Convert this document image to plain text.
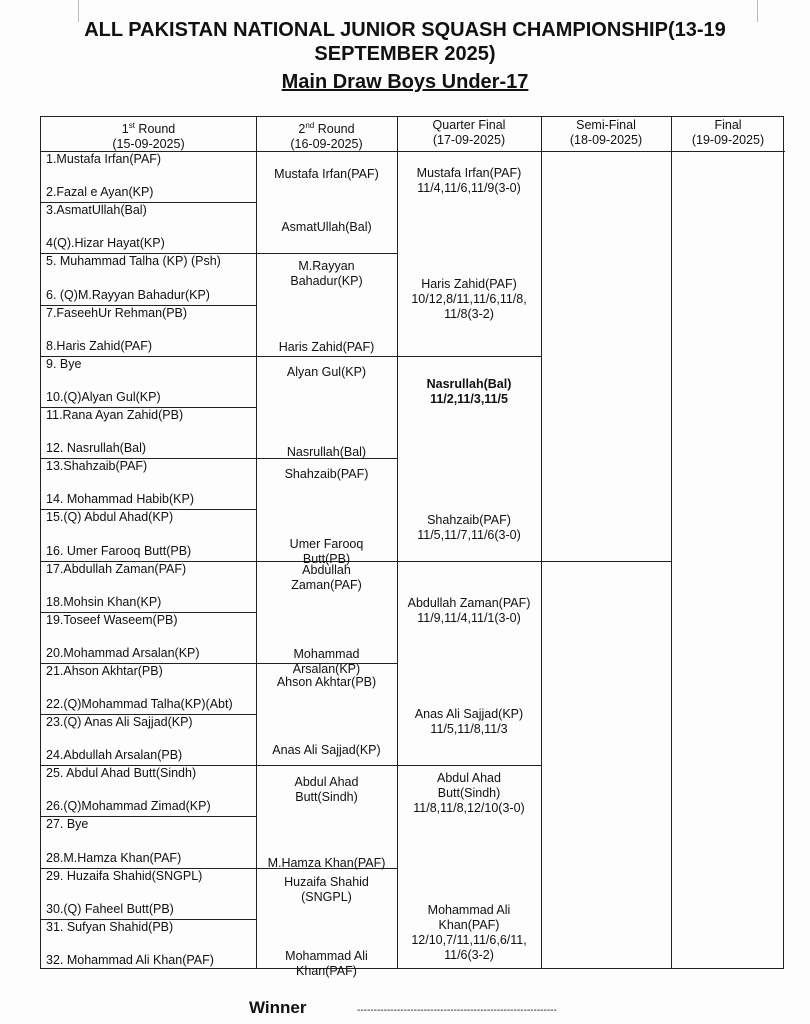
ALL PAKISTAN NATIONAL JUNIOR SQUASH CHAMPIONSHIP(13-19
SEPTEMBER 2025)
Main Draw Boys Under-17
1st Round
(15-09-2025)
2nd Round
(16-09-2025)
Quarter Final
(17-09-2025)
Semi-Final
(18-09-2025)
Final
(19-09-2025)
1.Mustafa Irfan(PAF)
2.Fazal e Ayan(KP)
3.AsmatUllah(Bal)
4(Q).Hizar Hayat(KP)
5. Muhammad Talha (KP) (Psh)
6. (Q)M.Rayyan Bahadur(KP)
7.FaseehUr Rehman(PB)
8.Haris Zahid(PAF)
9. Bye
10.(Q)Alyan Gul(KP)
11.Rana Ayan Zahid(PB)
12. Nasrullah(Bal)
13.Shahzaib(PAF)
14. Mohammad Habib(KP)
15.(Q) Abdul Ahad(KP)
16. Umer Farooq Butt(PB)
17.Abdullah Zaman(PAF)
18.Mohsin Khan(KP)
19.Toseef Waseem(PB)
20.Mohammad Arsalan(KP)
21.Ahson Akhtar(PB)
22.(Q)Mohammad Talha(KP)(Abt)
23.(Q) Anas Ali Sajjad(KP)
24.Abdullah Arsalan(PB)
25. Abdul Ahad Butt(Sindh)
26.(Q)Mohammad Zimad(KP)
27. Bye
28.M.Hamza Khan(PAF)
29. Huzaifa Shahid(SNGPL)
30.(Q) Faheel Butt(PB)
31. Sufyan Shahid(PB)
32. Mohammad Ali Khan(PAF)
Mustafa Irfan(PAF)
AsmatUllah(Bal)
M.Rayyan
Bahadur(KP)
Haris Zahid(PAF)
Alyan Gul(KP)
Nasrullah(Bal)
Shahzaib(PAF)
Umer Farooq
Butt(PB)
Abdullah
Zaman(PAF)
Mohammad
Arsalan(KP)
Ahson Akhtar(PB)
Anas Ali Sajjad(KP)
Abdul Ahad
Butt(Sindh)
M.Hamza Khan(PAF)
Huzaifa Shahid
(SNGPL)
Mohammad Ali
Khan(PAF)
Mustafa Irfan(PAF)
11/4,11/6,11/9(3-0)
Haris Zahid(PAF)
10/12,8/11,11/6,11/8,
11/8(3-2)
Nasrullah(Bal)
11/2,11/3,11/5
Shahzaib(PAF)
11/5,11/7,11/6(3-0)
Abdullah Zaman(PAF)
11/9,11/4,11/1(3-0)
Anas Ali Sajjad(KP)
11/5,11/8,11/3
Abdul Ahad
Butt(Sindh)
11/8,11/8,12/10(3-0)
Mohammad Ali
Khan(PAF)
12/10,7/11,11/6,6/11,
11/6(3-2)
Winner	------------------------------------------------------------
